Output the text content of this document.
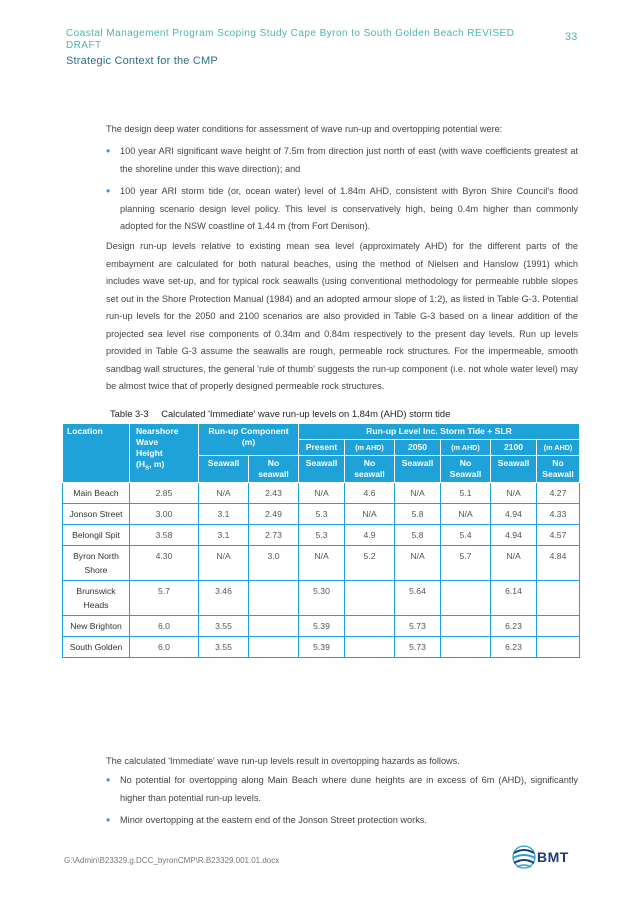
Coastal Management Program Scoping Study Cape Byron to South Golden Beach REVISED DRAFT
33
Strategic Context for the CMP

The design deep water conditions for assessment of wave run-up and overtopping potential were:

• 100 year ARI significant wave height of 7.5m from direction just north of east (with wave coefficients greatest at the shoreline under this wave direction); and
• 100 year ARI storm tide (or, ocean water) level of 1.84m AHD, consistent with Byron Shire Council's flood planning scenario design level policy. This level is conservatively high, being 0.4m higher than commonly adopted for the NSW coastline of 1.44 m (from Fort Denison).

Design run-up levels relative to existing mean sea level (approximately AHD) for the different parts of the embayment are calculated for both natural beaches, using the method of Nielsen and Hanslow (1991) which includes wave set-up, and for typical rock seawalls (using conventional methodology for permeable rubble slopes set out in the Shore Protection Manual (1984) and an adopted armour slope of 1:2), as listed in Table G-3. Potential run-up levels for the 2050 and 2100 scenarios are also provided in Table G-3 based on a linear addition of the projected sea level rise components of 0.34m and 0.84m respectively to the present day levels. Run up levels provided in Table G-3 assume the seawalls are rough, permeable rock structures. For the impermeable, smooth sandbag wall structures, the general 'rule of thumb' suggests the run-up component (i.e. not whole water level) may be almost twice that of properly designed permeable rock structures.

Table 3-3 Calculated 'Immediate' wave run-up levels on 1.84m (AHD) storm tide
Location	Nearshore
Wave
Height
($H_s$, m)	Run-up Component (m)		Run-up Level Inc. Storm Tide + SLR					
				Present	(m AHD)	2050	(m AHD)	2100	(m AHD)
		Seawall	No seawall	Seawall	No seawall	Seawall	No Seawall	Seawall	No Seawall
Main Beach	2.85	N/A	2.43	N/A	4.6	N/A	5.1	N/A	4.27
Jonson Street	3.00	3.1	2.49	5.3	N/A	5.8	N/A	4.94	4.33
Belongil Spit	3.58	3.1	2.73	5.3	4.9	5.8	5.4	4.94	4.57
Byron North Shore	4.30	N/A	3.0	N/A	5.2	N/A	5.7	N/A	4.84
Brunswick Heads	5.7	3.46		5.30		5.64		6.14	
New Brighton	6.0	3.55		5.39		5.73		6.23	
South Golden	6.0	3.55		5.39		5.73		6.23	

The calculated 'Immediate' wave run-up levels result in overtopping hazards as follows.

• No potential for overtopping along Main Beach where dune heights are in excess of 6m (AHD), significantly higher than potential run-up levels.
• Minor overtopping at the eastern end of the Jonson Street protection works.
G:\Admin\B23329.g.DCC_byronCMP\R.B23329.001.01.docx	BMT
